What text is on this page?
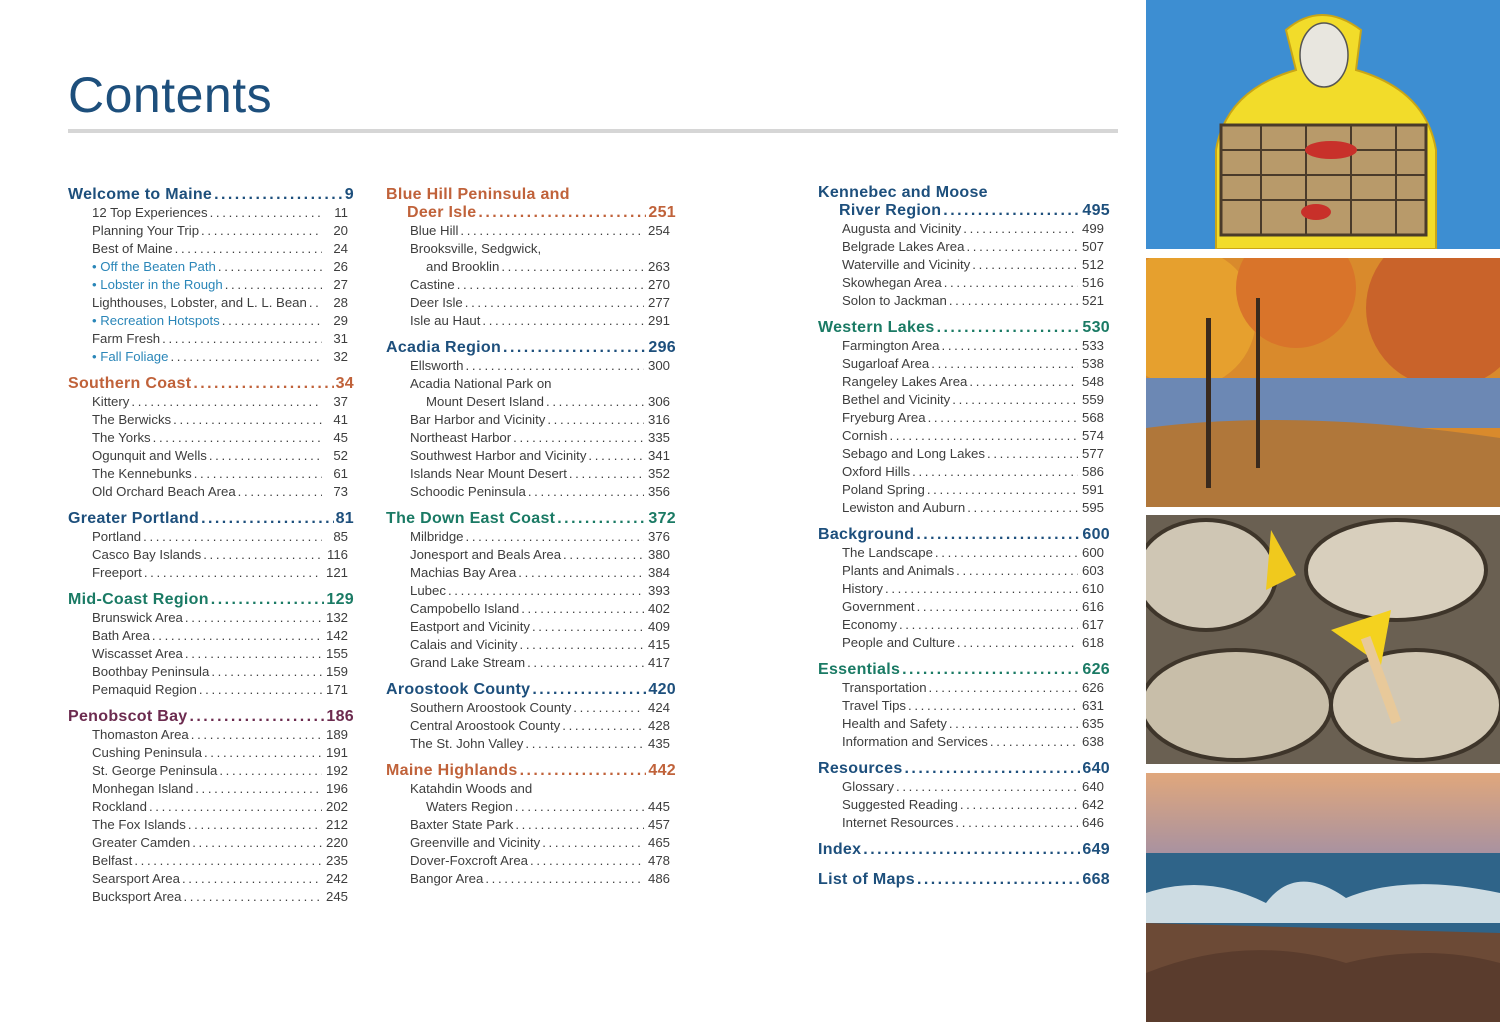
Contents
Welcome to Maine . . .	9
12 Top Experiences . . .	11
Planning Your Trip . . .	20
Best of Maine . . .	24
• Off the Beaten Path . . .	26
• Lobster in the Rough . . .	27
Lighthouses, Lobster, and L. L. Bean . . .	28
• Recreation Hotspots . . .	29
Farm Fresh . . .	31
• Fall Foliage . . .	32
Southern Coast . . .	34
Kittery . . .	37
The Berwicks . . .	41
The Yorks . . .	45
Ogunquit and Wells . . .	52
The Kennebunks . . .	61
Old Orchard Beach Area . . .	73
Greater Portland . . .	81
Portland . . .	85
Casco Bay Islands . . .	116
Freeport . . .	121
Mid-Coast Region . . .	129
Brunswick Area . . .	132
Bath Area . . .	142
Wiscasset Area . . .	155
Boothbay Peninsula . . .	159
Pemaquid Region . . .	171
Penobscot Bay . . .	186
Thomaston Area . . .	189
Cushing Peninsula . . .	191
St. George Peninsula . . .	192
Monhegan Island . . .	196
Rockland . . .	202
The Fox Islands . . .	212
Greater Camden . . .	220
Belfast . . .	235
Searsport Area . . .	242
Bucksport Area . . .	245
Blue Hill Peninsula and
Deer Isle . . .	251
Blue Hill . . .	254
Brooksville, Sedgwick,
and Brooklin . . .	263
Castine . . .	270
Deer Isle . . .	277
Isle au Haut . . .	291
Acadia Region . . .	296
Ellsworth . . .	300
Acadia National Park on
Mount Desert Island . . .	306
Bar Harbor and Vicinity . . .	316
Northeast Harbor . . .	335
Southwest Harbor and Vicinity . . .	341
Islands Near Mount Desert . . .	352
Schoodic Peninsula . . .	356
The Down East Coast . . .	372
Milbridge . . .	376
Jonesport and Beals Area . . .	380
Machias Bay Area . . .	384
Lubec . . .	393
Campobello Island . . .	402
Eastport and Vicinity . . .	409
Calais and Vicinity . . .	415
Grand Lake Stream . . .	417
Aroostook County . . .	420
Southern Aroostook County . . .	424
Central Aroostook County . . .	428
The St. John Valley . . .	435
Maine Highlands . . .	442
Katahdin Woods and
Waters Region . . .	445
Baxter State Park . . .	457
Greenville and Vicinity . . .	465
Dover-Foxcroft Area . . .	478
Bangor Area . . .	486
Kennebec and Moose
River Region . . .	495
Augusta and Vicinity . . .	499
Belgrade Lakes Area . . .	507
Waterville and Vicinity . . .	512
Skowhegan Area . . .	516
Solon to Jackman . . .	521
Western Lakes . . .	530
Farmington Area . . .	533
Sugarloaf Area . . .	538
Rangeley Lakes Area . . .	548
Bethel and Vicinity . . .	559
Fryeburg Area . . .	568
Cornish . . .	574
Sebago and Long Lakes . . .	577
Oxford Hills . . .	586
Poland Spring . . .	591
Lewiston and Auburn . . .	595
Background . . .	600
The Landscape . . .	600
Plants and Animals . . .	603
History . . .	610
Government . . .	616
Economy . . .	617
People and Culture . . .	618
Essentials . . .	626
Transportation . . .	626
Travel Tips . . .	631
Health and Safety . . .	635
Information and Services . . .	638
Resources . . .	640
Glossary . . .	640
Suggested Reading . . .	642
Internet Resources . . .	646
Index . . .	649
List of Maps . . .	668
